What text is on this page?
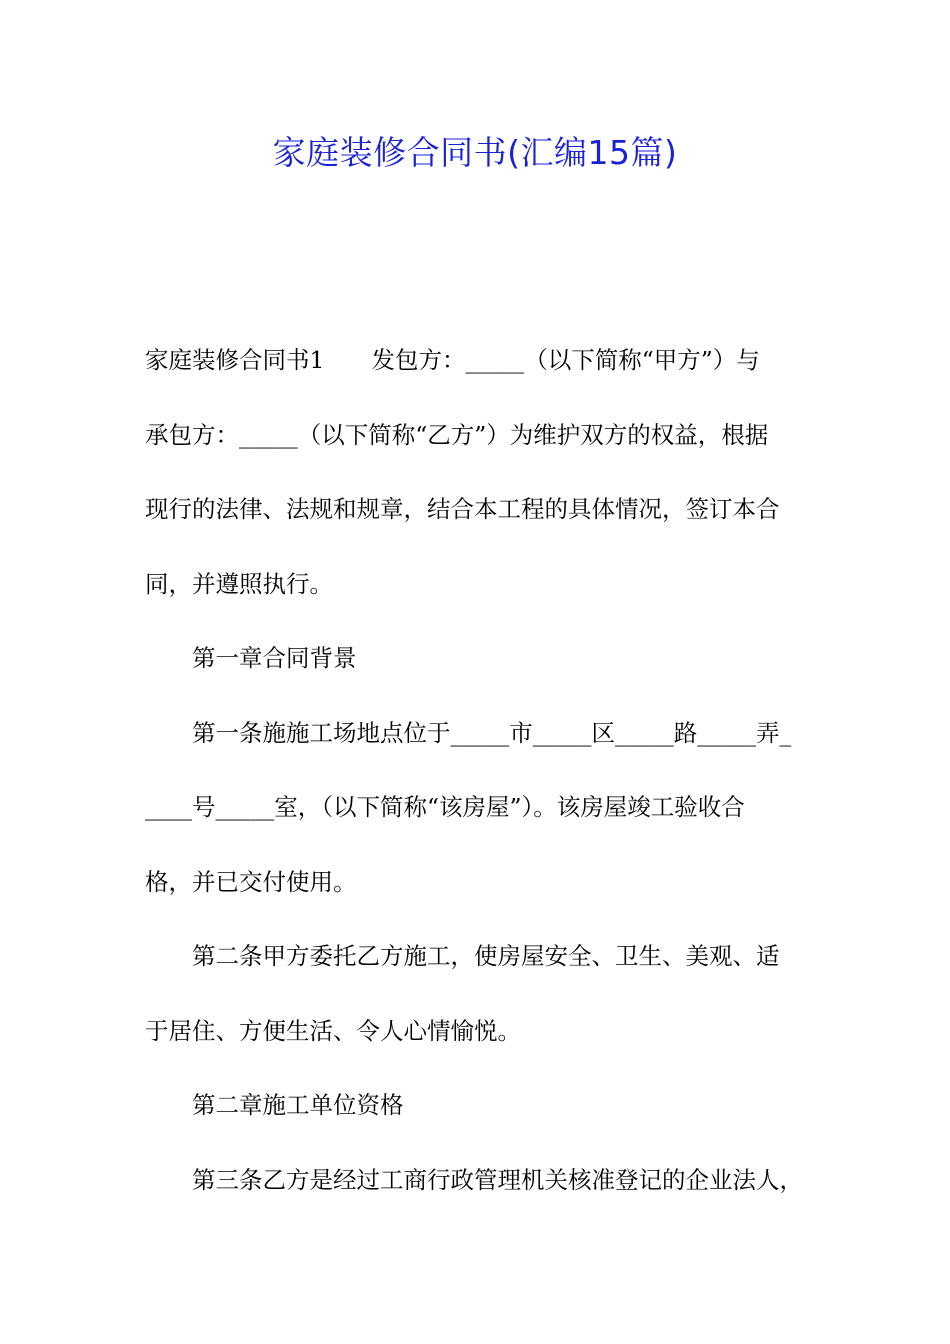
家庭装修合同书(汇编15篇)
家庭装修合同书1　　发包方：_____（以下简称“甲方”）与
承包方：_____（以下简称“乙方”）为维护双方的权益，根据
现行的法律、法规和规章，结合本工程的具体情况，签订本合
同，并遵照执行。
第一章合同背景
第一条施施工场地点位于_____市_____区_____路_____弄_
____号_____室，（以下简称“该房屋”）。该房屋竣工验收合
格，并已交付使用。
第二条甲方委托乙方施工，使房屋安全、卫生、美观、适
于居住、方便生活、令人心情愉悦。
第二章施工单位资格
第三条乙方是经过工商行政管理机关核准登记的企业法人，
